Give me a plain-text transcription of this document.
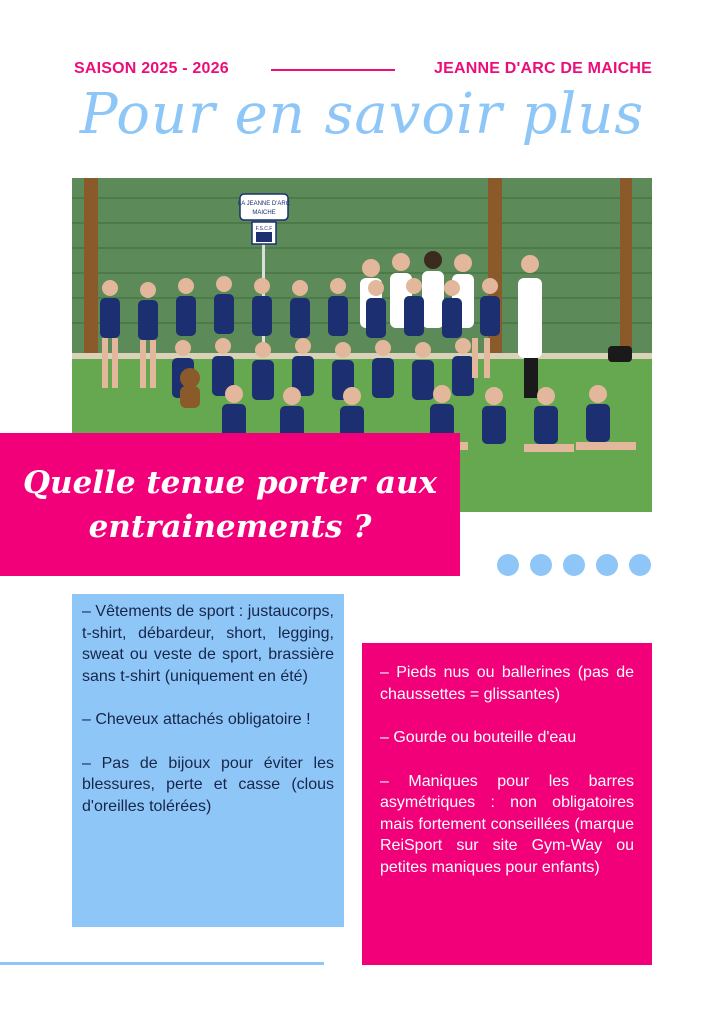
SAISON 2025 - 2026	JEANNE D'ARC DE MAICHE
Pour en savoir plus
LA JEANNE D'ARC
MAICHE
F.S.C.F
Quelle tenue porter aux entrainements ?

– Vêtements de sport : justaucorps, t-shirt, débardeur, short, legging, sweat ou veste de sport, brassière sans t-shirt (uniquement en été)

– Cheveux attachés obligatoire !

– Pas de bijoux pour éviter les blessures, perte et casse (clous d'oreilles tolérées)

– Pieds nus ou ballerines (pas de chaussettes = glissantes)

– Gourde ou bouteille d'eau

– Maniques pour les barres asymétriques : non obligatoires mais fortement conseillées (marque ReiSport sur site Gym-Way ou petites maniques pour enfants)
